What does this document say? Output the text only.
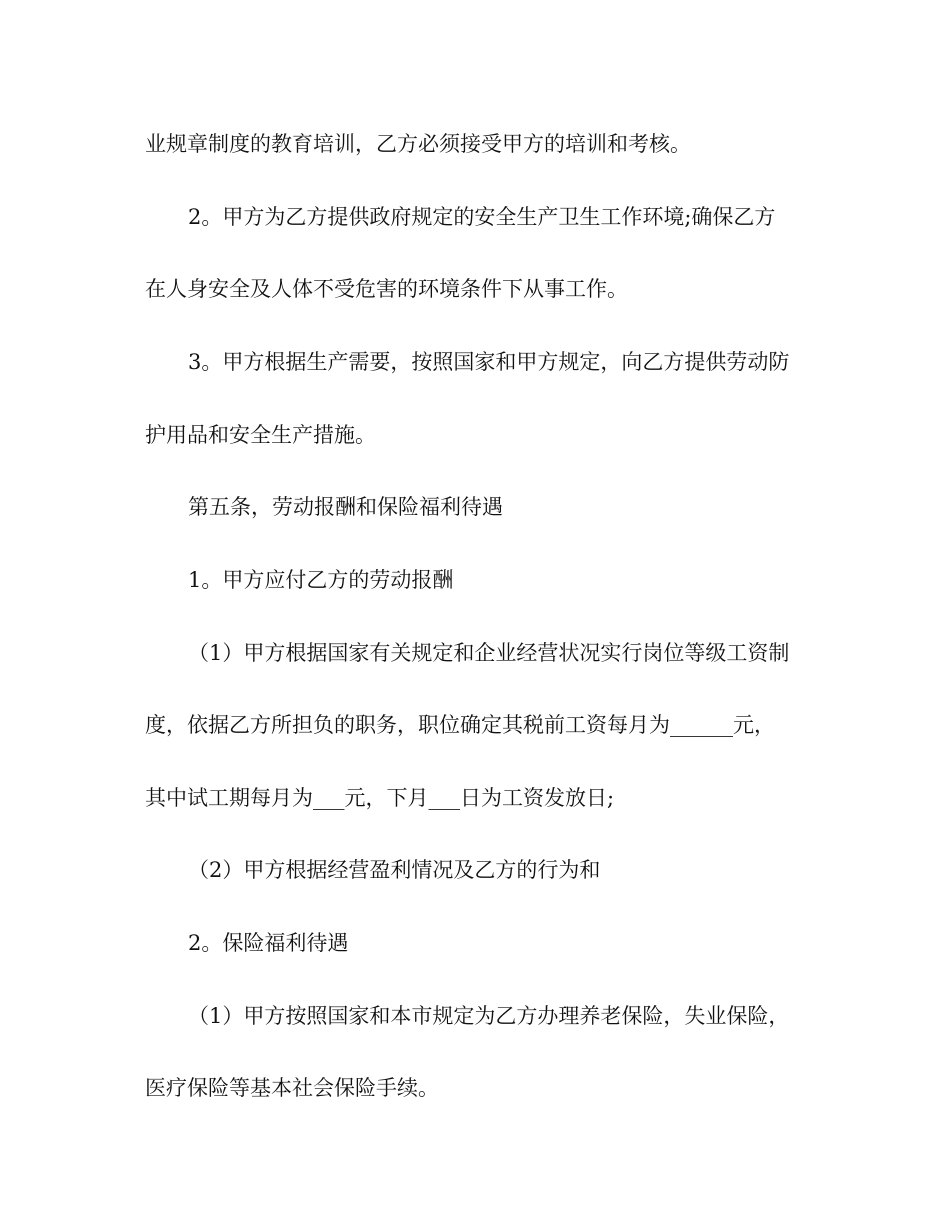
业规章制度的教育培训，乙方必须接受甲方的培训和考核。

2。甲方为乙方提供政府规定的安全生产卫生工作环境;确保乙方

在人身安全及人体不受危害的环境条件下从事工作。

3。甲方根据生产需要，按照国家和甲方规定，向乙方提供劳动防

护用品和安全生产措施。

第五条，劳动报酬和保险福利待遇

1。甲方应付乙方的劳动报酬

（1）甲方根据国家有关规定和企业经营状况实行岗位等级工资制

度，依据乙方所担负的职务，职位确定其税前工资每月为______元，

其中试工期每月为___元，下月___日为工资发放日;

（2）甲方根据经营盈利情况及乙方的行为和

2。保险福利待遇

（1）甲方按照国家和本市规定为乙方办理养老保险，失业保险，

医疗保险等基本社会保险手续。
